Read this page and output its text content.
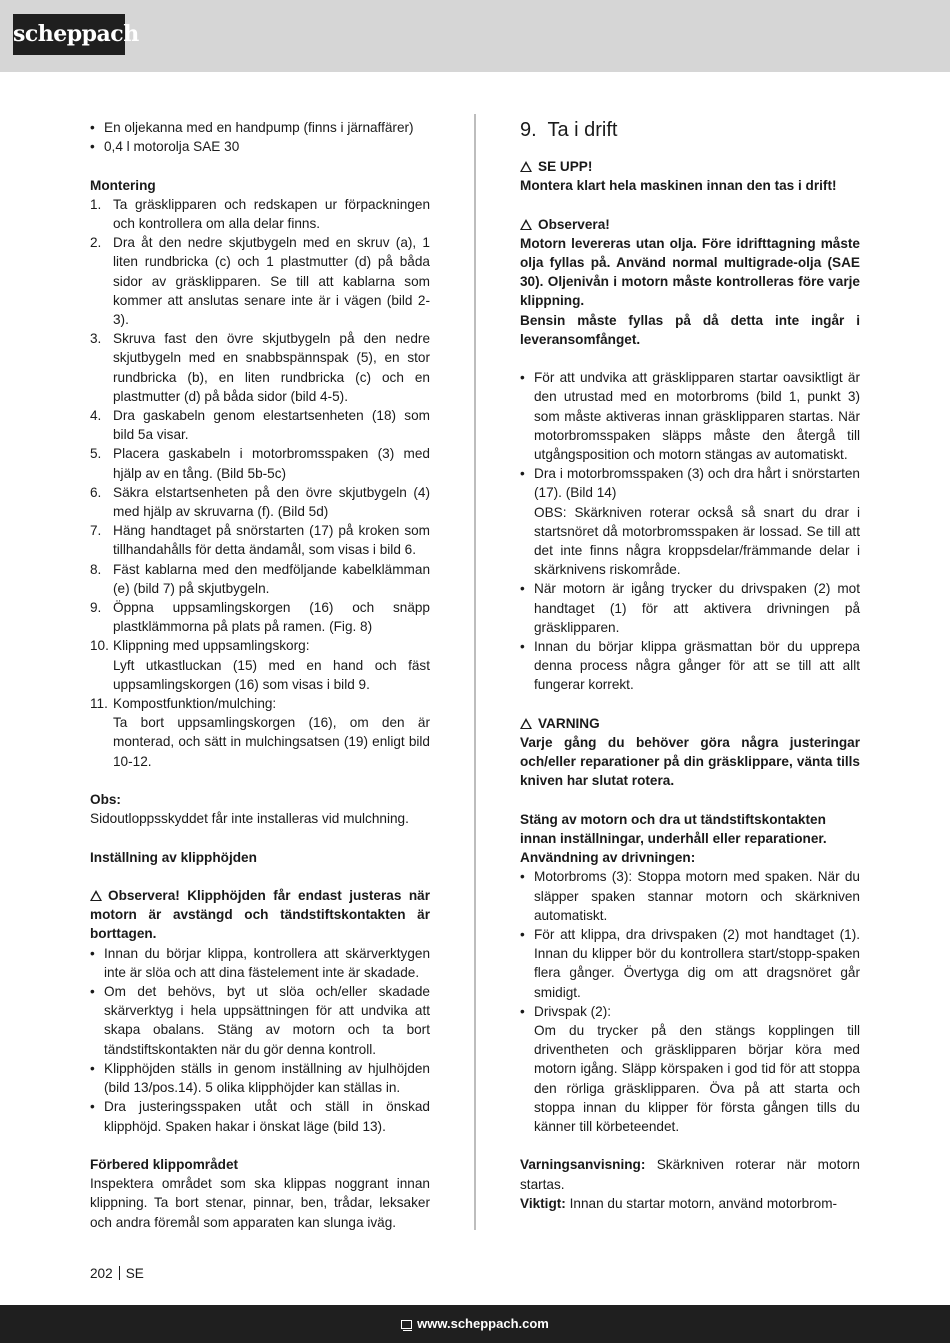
scheppach
• En oljekanna med en handpump (finns i järnaffärer)
• 0,4 l motorolja SAE 30

Montering

1. Ta gräsklipparen och redskapen ur förpackningen och kontrollera om alla delar finns.
2. Dra åt den nedre skjutbygeln med en skruv (a), 1 liten rundbricka (c) och 1 plastmutter (d) på båda sidor av gräsklipparen. Se till att kablarna som kommer att anslutas senare inte är i vägen (bild 2-3).
3. Skruva fast den övre skjutbygeln på den nedre skjutbygeln med en snabbspännspak (5), en stor rundbricka (b), en liten rundbricka (c) och en plastmutter (d) på båda sidor (bild 4-5).
4. Dra gaskabeln genom elestartsenheten (18) som bild 5a visar.
5. Placera gaskabeln i motorbromsspaken (3) med hjälp av en tång. (Bild 5b-5c)
6. Säkra elstartsenheten på den övre skjutbygeln (4) med hjälp av skruvarna (f). (Bild 5d)
7. Häng handtaget på snörstarten (17) på kroken som tillhandahålls för detta ändamål, som visas i bild 6.
8. Fäst kablarna med den medföljande kabelklämman (e) (bild 7) på skjutbygeln.
9. Öppna uppsamlingskorgen (16) och snäpp plastklämmorna på plats på ramen. (Fig. 8)
10. Klippning med uppsamlingskorg:
Lyft utkastluckan (15) med en hand och fäst uppsamlingskorgen (16) som visas i bild 9.
11. Kompostfunktion/mulching:
Ta bort uppsamlingskorgen (16), om den är monterad, och sätt in mulchingsatsen (19) enligt bild 10-12.

Obs:

Sidoutloppsskyddet får inte installeras vid mulchning.

Inställning av klipphöjden

Observera! Klipphöjden får endast justeras när motorn är avstängd och tändstiftskontakten är borttagen.

• Innan du börjar klippa, kontrollera att skärverktygen inte är slöa och att dina fästelement inte är skadade.
• Om det behövs, byt ut slöa och/eller skadade skärverktyg i hela uppsättningen för att undvika att skapa obalans. Stäng av motorn och ta bort tändstiftskontakten när du gör denna kontroll.
• Klipphöjden ställs in genom inställning av hjulhöjden (bild 13/pos.14). 5 olika klipphöjder kan ställas in.
• Dra justeringsspaken utåt och ställ in önskad klipphöjd. Spaken hakar i önskat läge (bild 13).

Förbered klippområdet

Inspektera området som ska klippas noggrant innan klippning. Ta bort stenar, pinnar, ben, trådar, leksaker och andra föremål som apparaten kan slunga iväg.

9. Ta i drift

SE UPP!

Montera klart hela maskinen innan den tas i drift!

Observera!

Motorn levereras utan olja. Före idrifttagning måste olja fyllas på. Använd normal multigrade-olja (SAE 30). Oljenivån i motorn måste kontrolleras före varje klippning.

Bensin måste fyllas på då detta inte ingår i leveransomfånget.

• För att undvika att gräsklipparen startar oavsiktligt är den utrustad med en motorbroms (bild 1, punkt 3) som måste aktiveras innan gräsklipparen startas. När motorbromsspaken släpps måste den återgå till utgångsposition och motorn stängas av automatiskt.
• Dra i motorbromsspaken (3) och dra hårt i snörstarten (17). (Bild 14)
OBS: Skärkniven roterar också så snart du drar i startsnöret då motorbromsspaken är lossad. Se till att det inte finns några kroppsdelar/främmande delar i skärknivens riskområde.
• När motorn är igång trycker du drivspaken (2) mot handtaget (1) för att aktivera drivningen på gräsklipparen.
• Innan du börjar klippa gräsmattan bör du upprepa denna process några gånger för att se till att allt fungerar korrekt.

VARNING

Varje gång du behöver göra några justeringar och/eller reparationer på din gräsklippare, vänta tills kniven har slutat rotera.

Stäng av motorn och dra ut tändstiftskontakten innan inställningar, underhåll eller reparationer.

Användning av drivningen:

• Motorbroms (3): Stoppa motorn med spaken. När du släpper spaken stannar motorn och skärkniven automatiskt.
• För att klippa, dra drivspaken (2) mot handtaget (1). Innan du klipper bör du kontrollera start/stopp-spaken flera gånger. Övertyga dig om att dragsnöret går smidigt.
• Drivspak (2):
Om du trycker på den stängs kopplingen till driventheten och gräsklipparen börjar köra med motorn igång. Släpp körspaken i god tid för att stoppa den rörliga gräsklipparen. Öva på att starta och stoppa innan du klipper för första gången tills du känner till körbeteendet.

Varningsanvisning: Skärkniven roterar när motorn startas.

Viktigt: Innan du startar motorn, använd motorbrom-

202 SE
www.scheppach.com
